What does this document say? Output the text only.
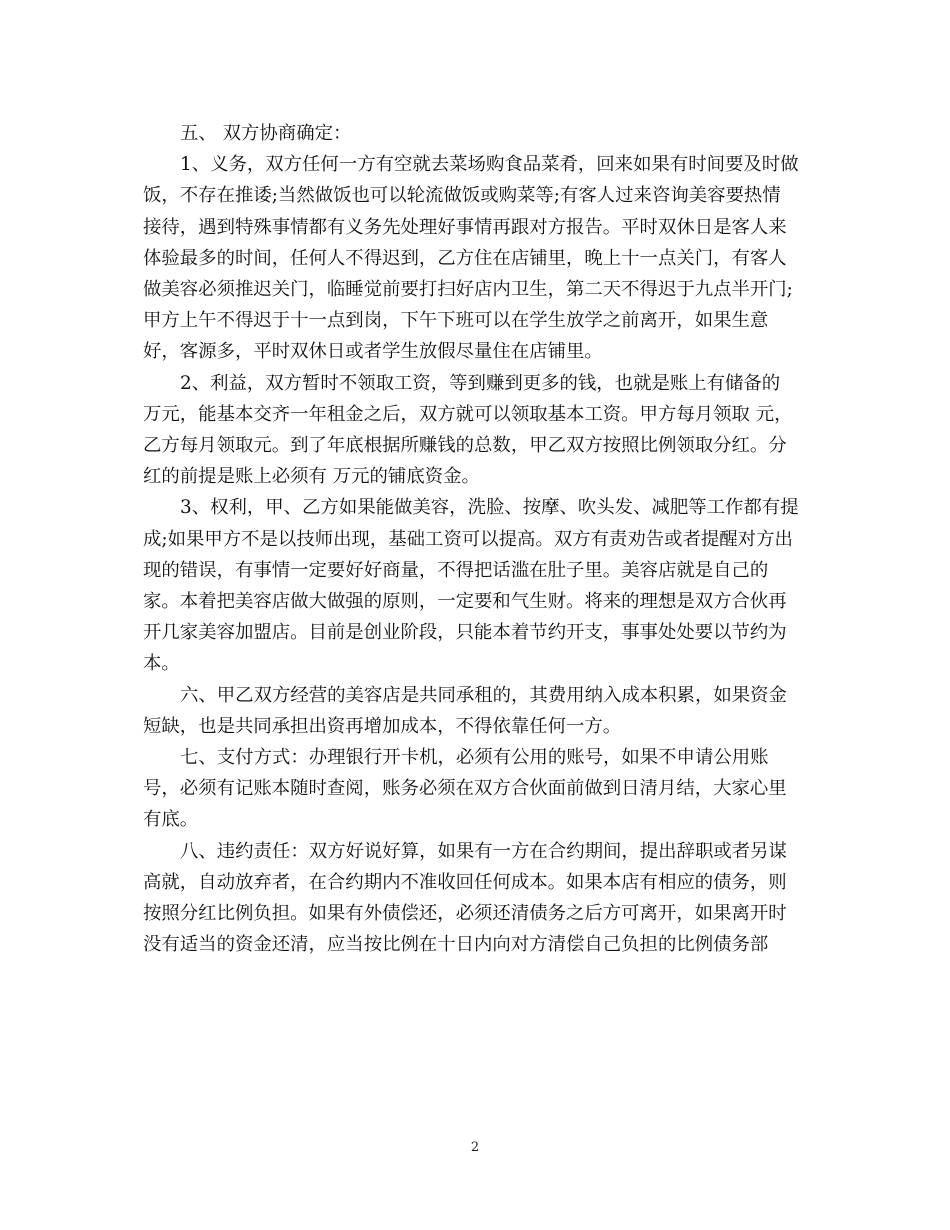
五、 双方协商确定：

1、义务，双方任何一方有空就去菜场购食品菜肴，回来如果有时间要及时做
饭，不存在推诿;当然做饭也可以轮流做饭或购菜等;有客人过来咨询美容要热情
接待，遇到特殊事情都有义务先处理好事情再跟对方报告。平时双休日是客人来
体验最多的时间，任何人不得迟到，乙方住在店铺里，晚上十一点关门，有客人
做美容必须推迟关门，临睡觉前要打扫好店内卫生，第二天不得迟于九点半开门;
甲方上午不得迟于十一点到岗，下午下班可以在学生放学之前离开，如果生意
好，客源多，平时双休日或者学生放假尽量住在店铺里。

2、利益，双方暂时不领取工资，等到赚到更多的钱，也就是账上有储备的
万元，能基本交齐一年租金之后，双方就可以领取基本工资。甲方每月领取 元，
乙方每月领取元。到了年底根据所赚钱的总数，甲乙双方按照比例领取分红。分
红的前提是账上必须有 万元的铺底资金。

3、权利，甲、乙方如果能做美容，洗脸、按摩、吹头发、减肥等工作都有提
成;如果甲方不是以技师出现，基础工资可以提高。双方有责劝告或者提醒对方出
现的错误，有事情一定要好好商量，不得把话滥在肚子里。美容店就是自己的
家。本着把美容店做大做强的原则，一定要和气生财。将来的理想是双方合伙再
开几家美容加盟店。目前是创业阶段，只能本着节约开支，事事处处要以节约为
本。

六、甲乙双方经营的美容店是共同承租的，其费用纳入成本积累，如果资金
短缺，也是共同承担出资再增加成本，不得依靠任何一方。

七、支付方式：办理银行开卡机，必须有公用的账号，如果不申请公用账
号，必须有记账本随时查阅，账务必须在双方合伙面前做到日清月结，大家心里
有底。

八、违约责任：双方好说好算，如果有一方在合约期间，提出辞职或者另谋
高就，自动放弃者，在合约期内不准收回任何成本。如果本店有相应的债务，则
按照分红比例负担。如果有外债偿还，必须还清债务之后方可离开，如果离开时
没有适当的资金还清，应当按比例在十日内向对方清偿自己负担的比例债务部

2
